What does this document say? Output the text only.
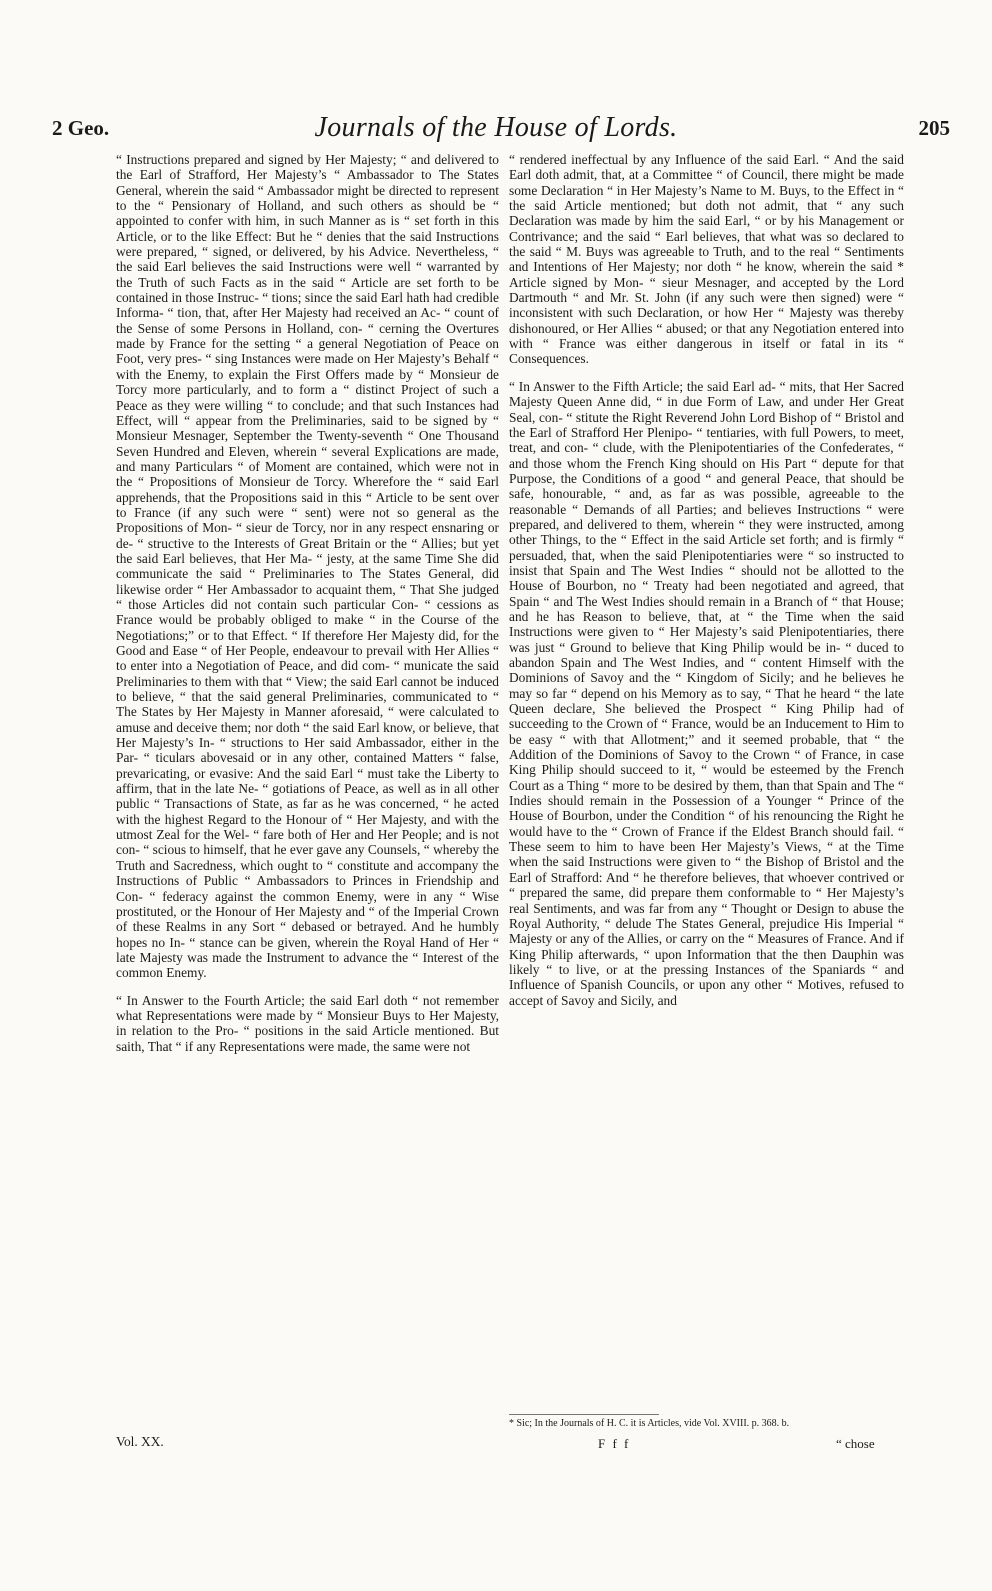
2 Geo.	Journals of the House of Lords.	205

“ Instructions prepared and signed by Her Majesty; “ and delivered to the Earl of Strafford, Her Majesty’s “ Ambassador to The States General, wherein the said “ Ambassador might be directed to represent to the “ Pensionary of Holland, and such others as should be “ appointed to confer with him, in such Manner as is “ set forth in this Article, or to the like Effect: But he “ denies that the said Instructions were prepared, “ signed, or delivered, by his Advice. Nevertheless, “ the said Earl believes the said Instructions were well “ warranted by the Truth of such Facts as in the said “ Article are set forth to be contained in those Instruc- “ tions; since the said Earl hath had credible Informa- “ tion, that, after Her Majesty had received an Ac- “ count of the Sense of some Persons in Holland, con- “ cerning the Overtures made by France for the setting “ a general Negotiation of Peace on Foot, very pres- “ sing Instances were made on Her Majesty’s Behalf “ with the Enemy, to explain the First Offers made by “ Monsieur de Torcy more particularly, and to form a “ distinct Project of such a Peace as they were willing “ to conclude; and that such Instances had Effect, will “ appear from the Preliminaries, said to be signed by “ Monsieur Mesnager, September the Twenty-seventh “ One Thousand Seven Hundred and Eleven, wherein “ several Explications are made, and many Particulars “ of Moment are contained, which were not in the “ Propositions of Monsieur de Torcy. Wherefore the “ said Earl apprehends, that the Propositions said in this “ Article to be sent over to France (if any such were “ sent) were not so general as the Propositions of Mon- “ sieur de Torcy, nor in any respect ensnaring or de- “ structive to the Interests of Great Britain or the “ Allies; but yet the said Earl believes, that Her Ma- “ jesty, at the same Time She did communicate the said “ Preliminaries to The States General, did likewise order “ Her Ambassador to acquaint them, “ That She judged “ those Articles did not contain such particular Con- “ cessions as France would be probably obliged to make “ in the Course of the Negotiations;” or to that Effect. “ If therefore Her Majesty did, for the Good and Ease “ of Her People, endeavour to prevail with Her Allies “ to enter into a Negotiation of Peace, and did com- “ municate the said Preliminaries to them with that “ View; the said Earl cannot be induced to believe, “ that the said general Preliminaries, communicated to “ The States by Her Majesty in Manner aforesaid, “ were calculated to amuse and deceive them; nor doth “ the said Earl know, or believe, that Her Majesty’s In- “ structions to Her said Ambassador, either in the Par- “ ticulars abovesaid or in any other, contained Matters “ false, prevaricating, or evasive: And the said Earl “ must take the Liberty to affirm, that in the late Ne- “ gotiations of Peace, as well as in all other public “ Transactions of State, as far as he was concerned, “ he acted with the highest Regard to the Honour of “ Her Majesty, and with the utmost Zeal for the Wel- “ fare both of Her and Her People; and is not con- “ scious to himself, that he ever gave any Counsels, “ whereby the Truth and Sacredness, which ought to “ constitute and accompany the Instructions of Public “ Ambassadors to Princes in Friendship and Con- “ federacy against the common Enemy, were in any “ Wise prostituted, or the Honour of Her Majesty and “ of the Imperial Crown of these Realms in any Sort “ debased or betrayed. And he humbly hopes no In- “ stance can be given, wherein the Royal Hand of Her “ late Majesty was made the Instrument to advance the “ Interest of the common Enemy.

“ In Answer to the Fourth Article; the said Earl doth “ not remember what Representations were made by “ Monsieur Buys to Her Majesty, in relation to the Pro- “ positions in the said Article mentioned. But saith, That “ if any Representations were made, the same were not

“ rendered ineffectual by any Influence of the said Earl. “ And the said Earl doth admit, that, at a Committee “ of Council, there might be made some Declaration “ in Her Majesty’s Name to M. Buys, to the Effect in “ the said Article mentioned; but doth not admit, that “ any such Declaration was made by him the said Earl, “ or by his Management or Contrivance; and the said “ Earl believes, that what was so declared to the said “ M. Buys was agreeable to Truth, and to the real “ Sentiments and Intentions of Her Majesty; nor doth “ he know, wherein the said * Article signed by Mon- “ sieur Mesnager, and accepted by the Lord Dartmouth “ and Mr. St. John (if any such were then signed) were “ inconsistent with such Declaration, or how Her “ Majesty was thereby dishonoured, or Her Allies “ abused; or that any Negotiation entered into with “ France was either dangerous in itself or fatal in its “ Consequences.

“ In Answer to the Fifth Article; the said Earl ad- “ mits, that Her Sacred Majesty Queen Anne did, “ in due Form of Law, and under Her Great Seal, con- “ stitute the Right Reverend John Lord Bishop of “ Bristol and the Earl of Strafford Her Plenipo- “ tentiaries, with full Powers, to meet, treat, and con- “ clude, with the Plenipotentiaries of the Confederates, “ and those whom the French King should on His Part “ depute for that Purpose, the Conditions of a good “ and general Peace, that should be safe, honourable, “ and, as far as was possible, agreeable to the reasonable “ Demands of all Parties; and believes Instructions “ were prepared, and delivered to them, wherein “ they were instructed, among other Things, to the “ Effect in the said Article set forth; and is firmly “ persuaded, that, when the said Plenipotentiaries were “ so instructed to insist that Spain and The West Indies “ should not be allotted to the House of Bourbon, no “ Treaty had been negotiated and agreed, that Spain “ and The West Indies should remain in a Branch of “ that House; and he has Reason to believe, that, at “ the Time when the said Instructions were given to “ Her Majesty’s said Plenipotentiaries, there was just “ Ground to believe that King Philip would be in- “ duced to abandon Spain and The West Indies, and “ content Himself with the Dominions of Savoy and the “ Kingdom of Sicily; and he believes he may so far “ depend on his Memory as to say, “ That he heard “ the late Queen declare, She believed the Prospect “ King Philip had of succeeding to the Crown of “ France, would be an Inducement to Him to be easy “ with that Allotment;” and it seemed probable, that “ the Addition of the Dominions of Savoy to the Crown “ of France, in case King Philip should succeed to it, “ would be esteemed by the French Court as a Thing “ more to be desired by them, than that Spain and The “ Indies should remain in the Possession of a Younger “ Prince of the House of Bourbon, under the Condition “ of his renouncing the Right he would have to the “ Crown of France if the Eldest Branch should fail. “ These seem to him to have been Her Majesty’s Views, “ at the Time when the said Instructions were given to “ the Bishop of Bristol and the Earl of Strafford: And “ he therefore believes, that whoever contrived or “ prepared the same, did prepare them conformable to “ Her Majesty’s real Sentiments, and was far from any “ Thought or Design to abuse the Royal Authority, “ delude The States General, prejudice His Imperial “ Majesty or any of the Allies, or carry on the “ Measures of France. And if King Philip afterwards, “ upon Information that the then Dauphin was likely “ to live, or at the pressing Instances of the Spaniards “ and Influence of Spanish Councils, or upon any other “ Motives, refused to accept of Savoy and Sicily, and

Vol. XX.
* Sic; In the Journals of H. C. it is Articles, vide Vol. XVIII. p. 368. b.
F f f	“ chose
